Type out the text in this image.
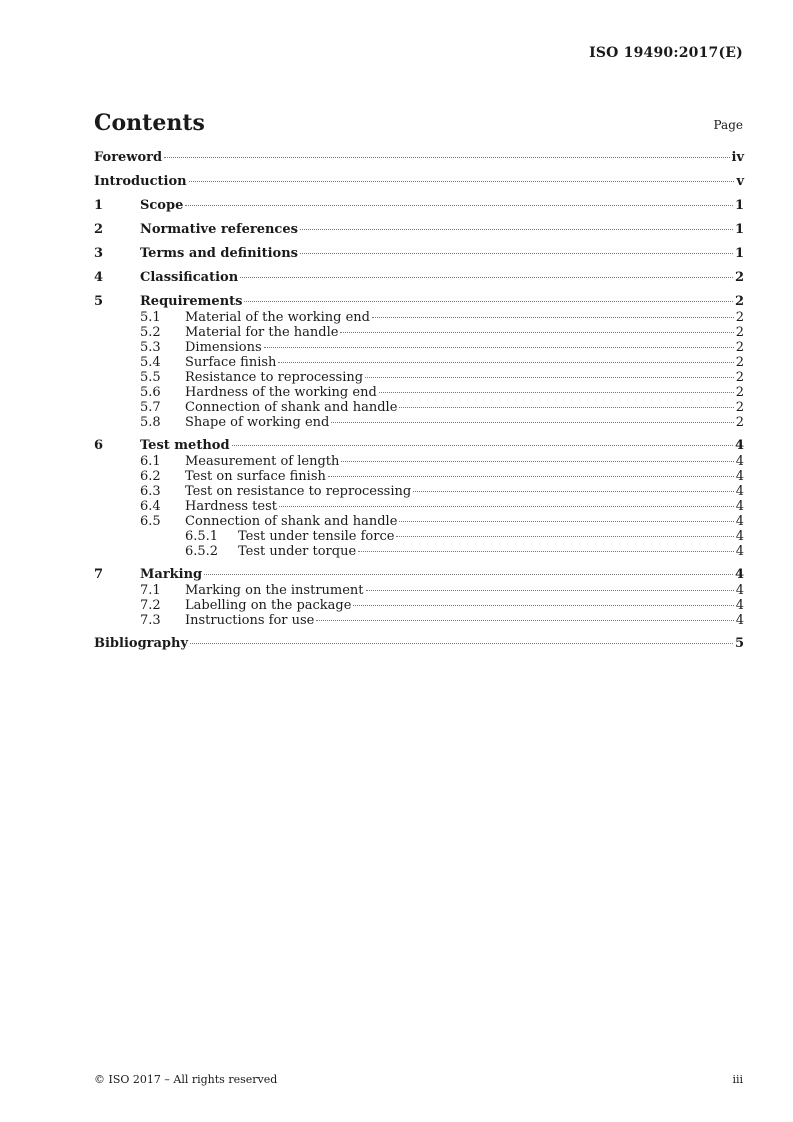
ISO 19490:2017(E)
Contents	Page
Foreword	iv
Introduction	v
1	Scope	1
2	Normative references	1
3	Terms and definitions	1
4	Classification	2
5	Requirements	2
5.1	Material of the working end	2
5.2	Material for the handle	2
5.3	Dimensions	2
5.4	Surface finish	2
5.5	Resistance to reprocessing	2
5.6	Hardness of the working end	2
5.7	Connection of shank and handle	2
5.8	Shape of working end	2
6	Test method	4
6.1	Measurement of length	4
6.2	Test on surface finish	4
6.3	Test on resistance to reprocessing	4
6.4	Hardness test	4
6.5	Connection of shank and handle	4
6.5.1	Test under tensile force	4
6.5.2	Test under torque	4
7	Marking	4
7.1	Marking on the instrument	4
7.2	Labelling on the package	4
7.3	Instructions for use	4
Bibliography	5
© ISO 2017 – All rights reserved	iii
